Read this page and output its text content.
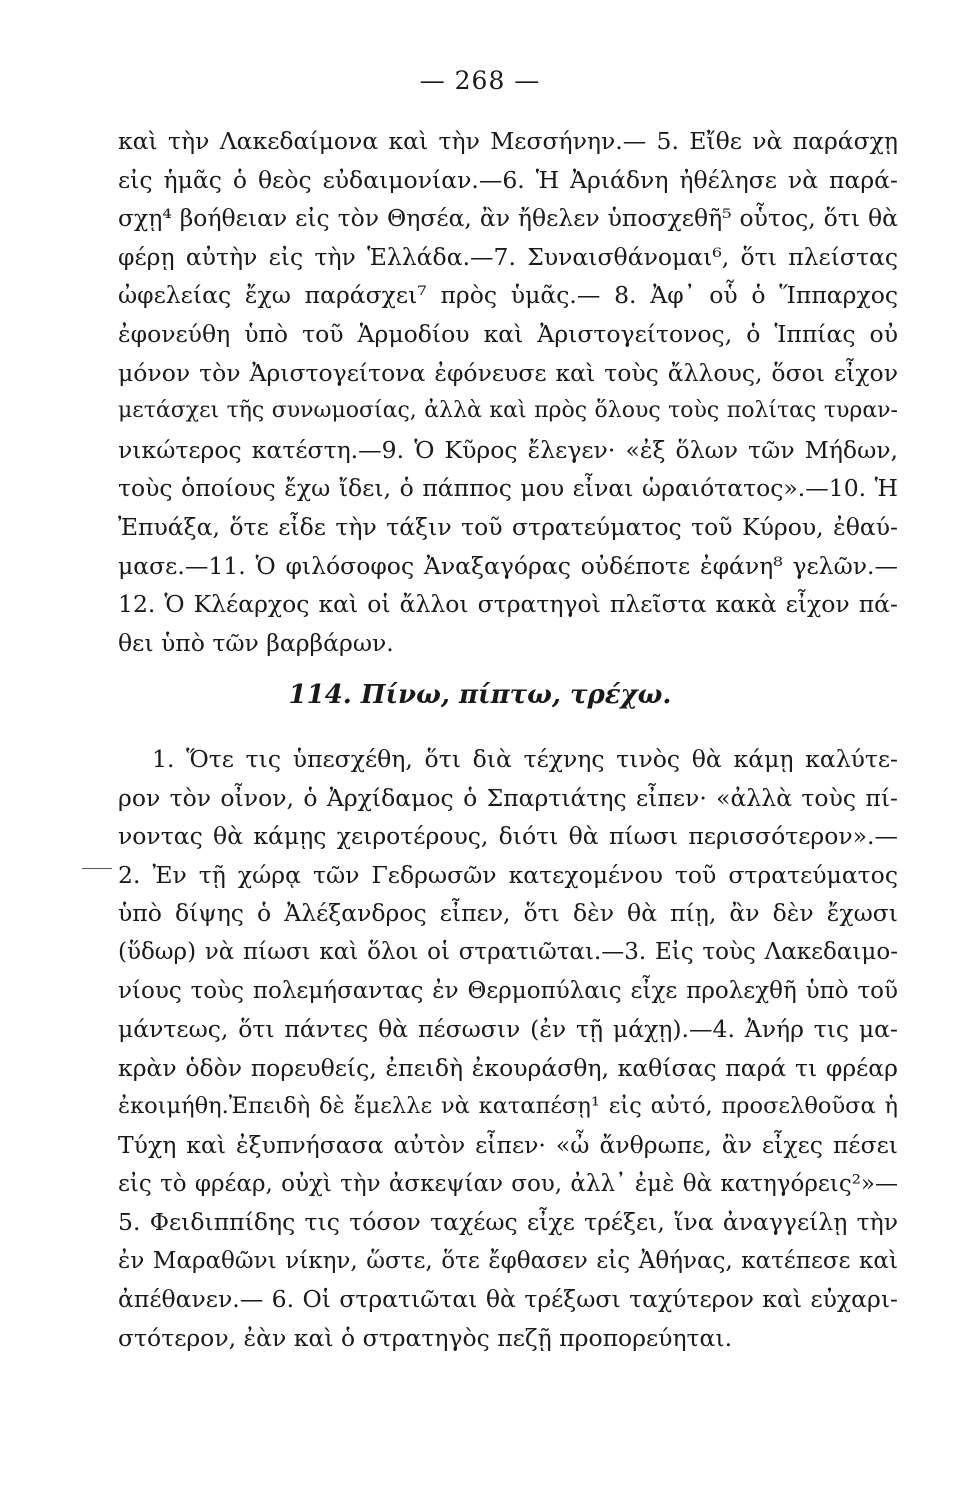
— 268 —
καὶ τὴν Λακεδαίμονα καὶ τὴν Μεσσήνην.— 5. Εἴθε νὰ παράσχῃ
εἰς ἡμᾶς ὁ θεὸς εὐδαιμονίαν.—6. Ἡ Ἀριάδνη ἠθέλησε νὰ παρά-
σχῃ⁴ βοήθειαν εἰς τὸν Θησέα, ἂν ἤθελεν ὑποσχεθῆ⁵ οὗτος, ὅτι θὰ
φέρῃ αὐτὴν εἰς τὴν Ἑλλάδα.—7. Συναισθάνομαι⁶, ὅτι πλείστας
ὠφελείας ἔχω παράσχει⁷ πρὸς ὑμᾶς.— 8. Ἀφ᾽ οὗ ὁ Ἵππαρχος
ἐφονεύθη ὑπὸ τοῦ Ἁρμοδίου καὶ Ἀριστογείτονος, ὁ Ἱππίας οὐ
μόνον τὸν Ἀριστογείτονα ἐφόνευσε καὶ τοὺς ἄλλους, ὅσοι εἶχον
μετάσχει τῆς συνωμοσίας, ἀλλὰ καὶ πρὸς ὅλους τοὺς πολίτας τυραν-
νικώτερος κατέστη.—9. Ὁ Κῦρος ἔλεγεν· «ἐξ ὅλων τῶν Μήδων,
τοὺς ὁποίους ἔχω ἴδει, ὁ πάππος μου εἶναι ὡραιότατος».—10. Ἡ
Ἐπυάξα, ὅτε εἶδε τὴν τάξιν τοῦ στρατεύματος τοῦ Κύρου, ἐθαύ-
μασε.—11. Ὁ φιλόσοφος Ἀναξαγόρας οὐδέποτε ἐφάνη⁸ γελῶν.—
12. Ὁ Κλέαρχος καὶ οἱ ἄλλοι στρατηγοὶ πλεῖστα κακὰ εἶχον πά-
θει ὑπὸ τῶν βαρβάρων.
114. Πίνω, πίπτω, τρέχω.
1. Ὅτε τις ὑπεσχέθη, ὅτι διὰ τέχνης τινὸς θὰ κάμῃ καλύτε-
ρον τὸν οἶνον, ὁ Ἀρχίδαμος ὁ Σπαρτιάτης εἶπεν· «ἀλλὰ τοὺς πί-
νοντας θὰ κάμῃς χειροτέρους, διότι θὰ πίωσι περισσότερον».—
2. Ἐν τῇ χώρᾳ τῶν Γεδρωσῶν κατεχομένου τοῦ στρατεύματος
ὑπὸ δίψης ὁ Ἀλέξανδρος εἶπεν, ὅτι δὲν θὰ πίῃ, ἂν δὲν ἔχωσι
(ὕδωρ) νὰ πίωσι καὶ ὅλοι οἱ στρατιῶται.—3. Εἰς τοὺς Λακεδαιμο-
νίους τοὺς πολεμήσαντας ἐν Θερμοπύλαις εἶχε προλεχθῆ ὑπὸ τοῦ
μάντεως, ὅτι πάντες θὰ πέσωσιν (ἐν τῇ μάχῃ).—4. Ἀνήρ τις μα-
κρὰν ὁδὸν πορευθείς, ἐπειδὴ ἐκουράσθη, καθίσας παρά τι φρέαρ
ἐκοιμήθη.Ἐπειδὴ δὲ ἔμελλε νὰ καταπέσῃ¹ εἰς αὐτό, προσελθοῦσα ἡ
Τύχη καὶ ἐξυπνήσασα αὐτὸν εἶπεν· «ὦ ἄνθρωπε, ἂν εἶχες πέσει
εἰς τὸ φρέαρ, οὐχὶ τὴν ἀσκεψίαν σου, ἀλλ᾽ ἐμὲ θὰ κατηγόρεις²»—
5. Φειδιππίδης τις τόσον ταχέως εἶχε τρέξει, ἵνα ἀναγγείλῃ τὴν
ἐν Μαραθῶνι νίκην, ὥστε, ὅτε ἔφθασεν εἰς Ἀθήνας, κατέπεσε καὶ
ἀπέθανεν.— 6. Οἱ στρατιῶται θὰ τρέξωσι ταχύτερον καὶ εὐχαρι-
στότερον, ἐὰν καὶ ὁ στρατηγὸς πεζῇ προπορεύηται.
